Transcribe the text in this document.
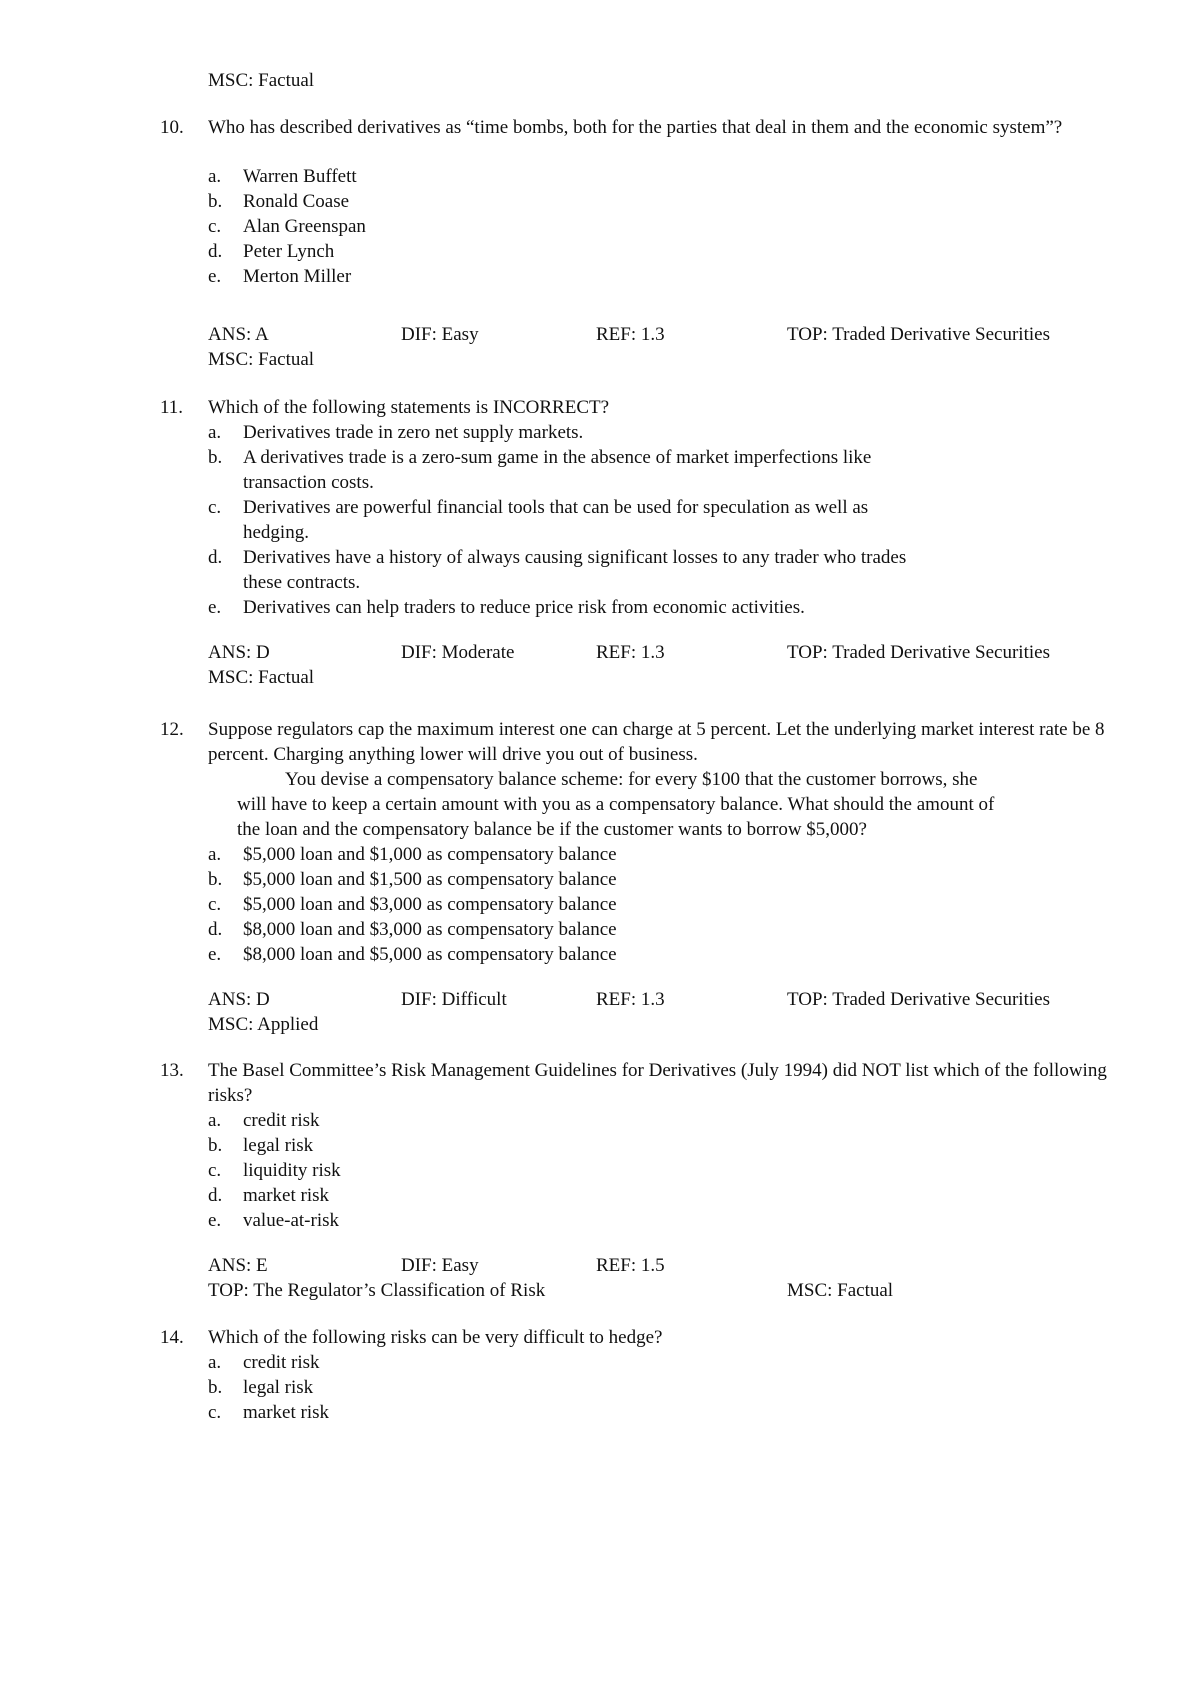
MSC: Factual
10. Who has described derivatives as “time bombs, both for the parties that deal in them and the economic system”?
a. Warren Buffett
b. Ronald Coase
c. Alan Greenspan
d. Peter Lynch
e. Merton Miller
ANS: A	DIF: Easy	REF: 1.3	TOP: Traded Derivative Securities
MSC: Factual
11. Which of the following statements is INCORRECT?
a. Derivatives trade in zero net supply markets.
b. A derivatives trade is a zero-sum game in the absence of market imperfections like
transaction costs.
c. Derivatives are powerful financial tools that can be used for speculation as well as
hedging.
d. Derivatives have a history of always causing significant losses to any trader who trades
these contracts.
e. Derivatives can help traders to reduce price risk from economic activities.
ANS: D	DIF: Moderate	REF: 1.3	TOP: Traded Derivative Securities
MSC: Factual
12. Suppose regulators cap the maximum interest one can charge at 5 percent. Let the underlying market interest rate be 8 percent. Charging anything lower will drive you out of business.
You devise a compensatory balance scheme: for every $100 that the customer borrows, she
will have to keep a certain amount with you as a compensatory balance. What should the amount of
the loan and the compensatory balance be if the customer wants to borrow $5,000?
a. $5,000 loan and $1,000 as compensatory balance
b. $5,000 loan and $1,500 as compensatory balance
c. $5,000 loan and $3,000 as compensatory balance
d. $8,000 loan and $3,000 as compensatory balance
e. $8,000 loan and $5,000 as compensatory balance
ANS: D	DIF: Difficult	REF: 1.3	TOP: Traded Derivative Securities
MSC: Applied
13. The Basel Committee’s Risk Management Guidelines for Derivatives (July 1994) did NOT list which of the following risks?
a. credit risk
b. legal risk
c. liquidity risk
d. market risk
e. value-at-risk
ANS: E	DIF: Easy	REF: 1.5
TOP: The Regulator’s Classification of Risk	MSC: Factual
14. Which of the following risks can be very difficult to hedge?
a. credit risk
b. legal risk
c. market risk
